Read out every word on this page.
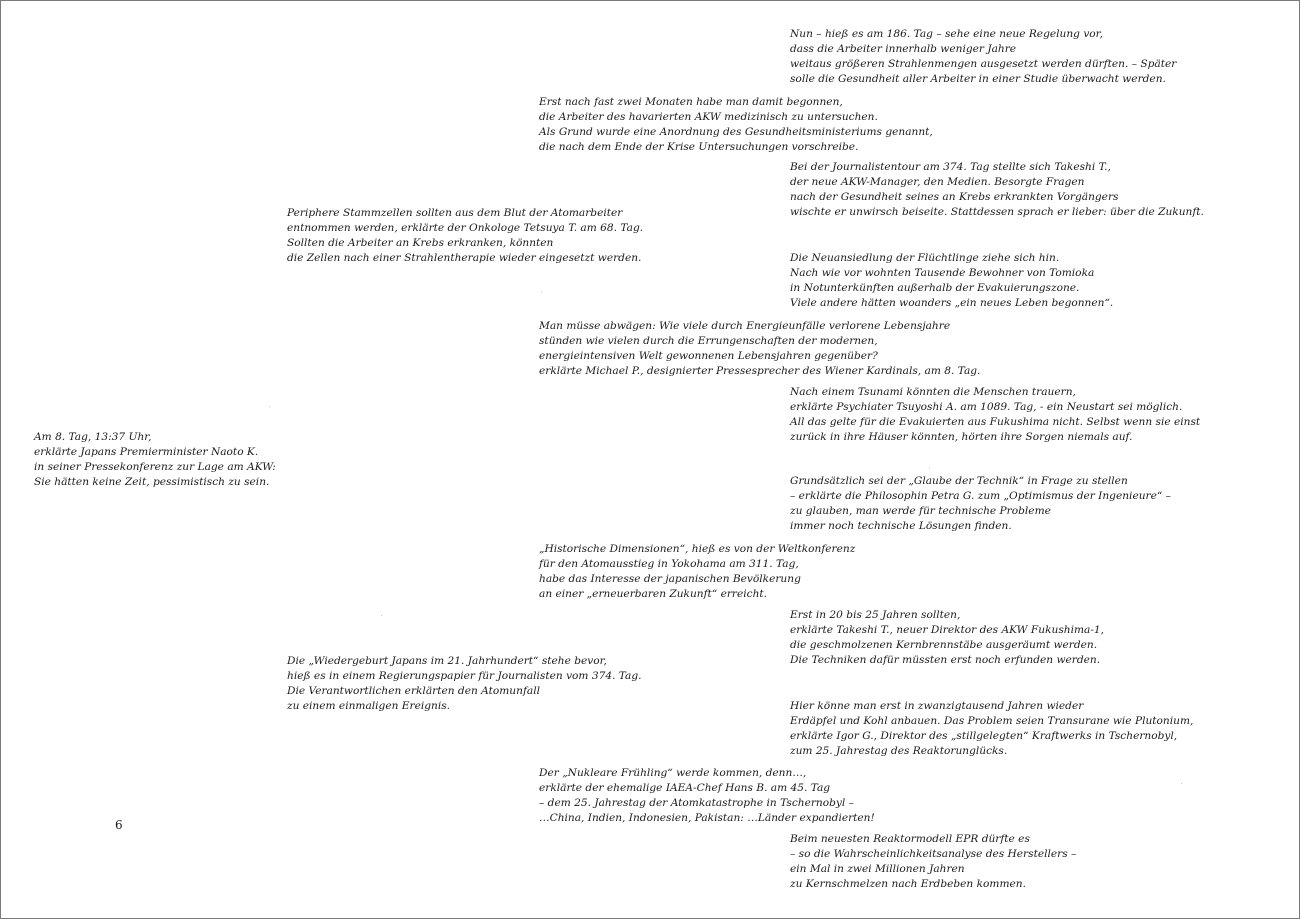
Nun – hieß es am 186. Tag – sehe eine neue Regelung vor,
dass die Arbeiter innerhalb weniger Jahre
weitaus größeren Strahlenmengen ausgesetzt werden dürften. – Später
solle die Gesundheit aller Arbeiter in einer Studie überwacht werden.

Erst nach fast zwei Monaten habe man damit begonnen,
die Arbeiter des havarierten AKW medizinisch zu untersuchen.
Als Grund wurde eine Anordnung des Gesundheitsministeriums genannt,
die nach dem Ende der Krise Untersuchungen vorschreibe.

Bei der Journalistentour am 374. Tag stellte sich Takeshi T.,
der neue AKW-Manager, den Medien. Besorgte Fragen
nach der Gesundheit seines an Krebs erkrankten Vorgängers
wischte er unwirsch beiseite. Stattdessen sprach er lieber: über die Zukunft.

Periphere Stammzellen sollten aus dem Blut der Atomarbeiter
entnommen werden, erklärte der Onkologe Tetsuya T. am 68. Tag.
Sollten die Arbeiter an Krebs erkranken, könnten
die Zellen nach einer Strahlentherapie wieder eingesetzt werden.	Die Neuansiedlung der Flüchtlinge ziehe sich hin.
Nach wie vor wohnten Tausende Bewohner von Tomioka
in Notunterkünften außerhalb der Evakuierungszone.
Viele andere hätten woanders „ein neues Leben begonnen“.

Man müsse abwägen: Wie viele durch Energieunfälle verlorene Lebensjahre
stünden wie vielen durch die Errungenschaften der modernen,
energieintensiven Welt gewonnenen Lebensjahren gegenüber?
erklärte Michael P., designierter Pressesprecher des Wiener Kardinals, am 8. Tag.

Nach einem Tsunami könnten die Menschen trauern,
erklärte Psychiater Tsuyoshi A. am 1089. Tag, - ein Neustart sei möglich.
All das gelte für die Evakuierten aus Fukushima nicht. Selbst wenn sie einst
zurück in ihre Häuser könnten, hörten ihre Sorgen niemals auf.

Am 8. Tag, 13:37 Uhr,
erklärte Japans Premierminister Naoto K.
in seiner Pressekonferenz zur Lage am AKW:
Sie hätten keine Zeit, pessimistisch zu sein.	Grundsätzlich sei der „Glaube der Technik“ in Frage zu stellen
– erklärte die Philosophin Petra G. zum „Optimismus der Ingenieure“ –
zu glauben, man werde für technische Probleme
immer noch technische Lösungen finden.

„Historische Dimensionen“, hieß es von der Weltkonferenz
für den Atomausstieg in Yokohama am 311. Tag,
habe das Interesse der japanischen Bevölkerung
an einer „erneuerbaren Zukunft“ erreicht.

Erst in 20 bis 25 Jahren sollten,
erklärte Takeshi T., neuer Direktor des AKW Fukushima-1,
die geschmolzenen Kernbrennstäbe ausgeräumt werden.
Die Techniken dafür müssten erst noch erfunden werden.

Die „Wiedergeburt Japans im 21. Jahrhundert“ stehe bevor,
hieß es in einem Regierungspapier für Journalisten vom 374. Tag.
Die Verantwortlichen erklärten den Atomunfall
zu einem einmaligen Ereignis.	Hier könne man erst in zwanzigtausend Jahren wieder
Erdäpfel und Kohl anbauen. Das Problem seien Transurane wie Plutonium,
erklärte Igor G., Direktor des „stillgelegten“ Kraftwerks in Tschernobyl,
zum 25. Jahrestag des Reaktorunglücks.

Der „Nukleare Frühling“ werde kommen, denn…,
erklärte der ehemalige IAEA-Chef Hans B. am 45. Tag
– dem 25. Jahrestag der Atomkatastrophe in Tschernobyl –
…China, Indien, Indonesien, Pakistan: …Länder expandierten!

Beim neuesten Reaktormodell EPR dürfte es
– so die Wahrscheinlichkeitsanalyse des Herstellers –
ein Mal in zwei Millionen Jahren
zu Kernschmelzen nach Erdbeben kommen.

6
